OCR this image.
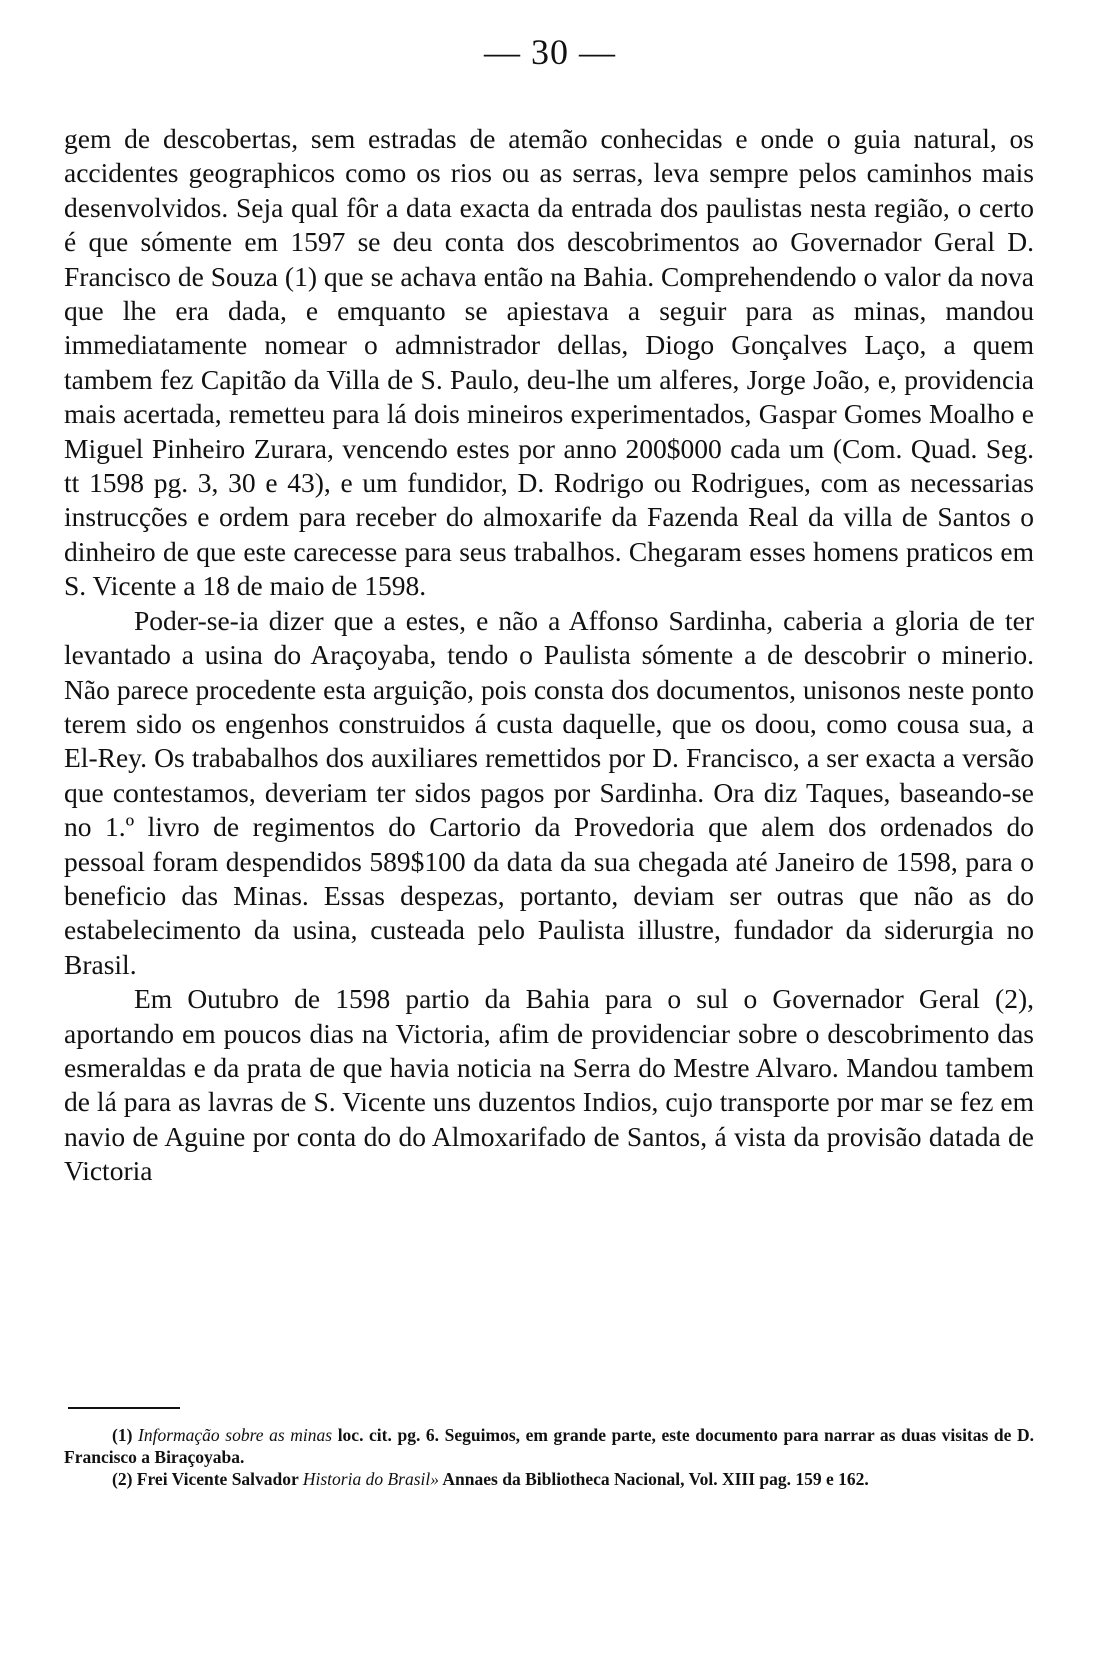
— 30 —

gem de descobertas, sem estradas de atemão conhecidas e onde o guia natural, os accidentes geographicos como os rios ou as serras, leva sempre pelos caminhos mais desenvolvidos. Seja qual fôr a data exacta da entrada dos paulistas nesta região, o certo é que sómente em 1597 se deu conta dos descobrimentos ao Governador Geral D. Francisco de Souza (1) que se achava então na Bahia. Comprehendendo o valor da nova que lhe era dada, e emquanto se apiestava a seguir para as minas, mandou immediatamente nomear o admnistrador dellas, Diogo Gonçalves Laço, a quem tambem fez Capitão da Villa de S. Paulo, deu-lhe um alferes, Jorge João, e, providencia mais acertada, remetteu para lá dois mineiros experimentados, Gaspar Gomes Moalho e Miguel Pinheiro Zurara, vencendo estes por anno 200$000 cada um (Com. Quad. Seg. tt 1598 pg. 3, 30 e 43), e um fundidor, D. Rodrigo ou Rodrigues, com as necessarias instrucções e ordem para receber do almoxarife da Fazenda Real da villa de Santos o dinheiro de que este carecesse para seus trabalhos. Chegaram esses homens praticos em S. Vicente a 18 de maio de 1598.

Poder-se-ia dizer que a estes, e não a Affonso Sardinha, caberia a gloria de ter levantado a usina do Araçoyaba, tendo o Paulista sómente a de descobrir o minerio. Não parece procedente esta arguição, pois consta dos documentos, unisonos neste ponto terem sido os engenhos construidos á custa daquelle, que os doou, como cousa sua, a El-Rey. Os trababalhos dos auxiliares remettidos por D. Francisco, a ser exacta a versão que contestamos, deveriam ter sidos pagos por Sardinha. Ora diz Taques, baseando-se no 1.º livro de regimentos do Cartorio da Provedoria que alem dos ordenados do pessoal foram despendidos 589$100 da data da sua chegada até Janeiro de 1598, para o beneficio das Minas. Essas despezas, portanto, deviam ser outras que não as do estabelecimento da usina, custeada pelo Paulista illustre, fundador da siderurgia no Brasil.

Em Outubro de 1598 partio da Bahia para o sul o Governador Geral (2), aportando em poucos dias na Victoria, afim de providenciar sobre o descobrimento das esmeraldas e da prata de que havia noticia na Serra do Mestre Alvaro. Mandou tambem de lá para as lavras de S. Vicente uns duzentos Indios, cujo transporte por mar se fez em navio de Aguine por conta do do Almoxarifado de Santos, á vista da provisão datada de Victoria

(1) Informação sobre as minas loc. cit. pg. 6. Seguimos, em grande parte, este documento para narrar as duas visitas de D. Francisco a Biraçoyaba.

(2) Frei Vicente Salvador Historia do Brasil» Annaes da Bibliotheca Nacional, Vol. XIII pag. 159 e 162.
